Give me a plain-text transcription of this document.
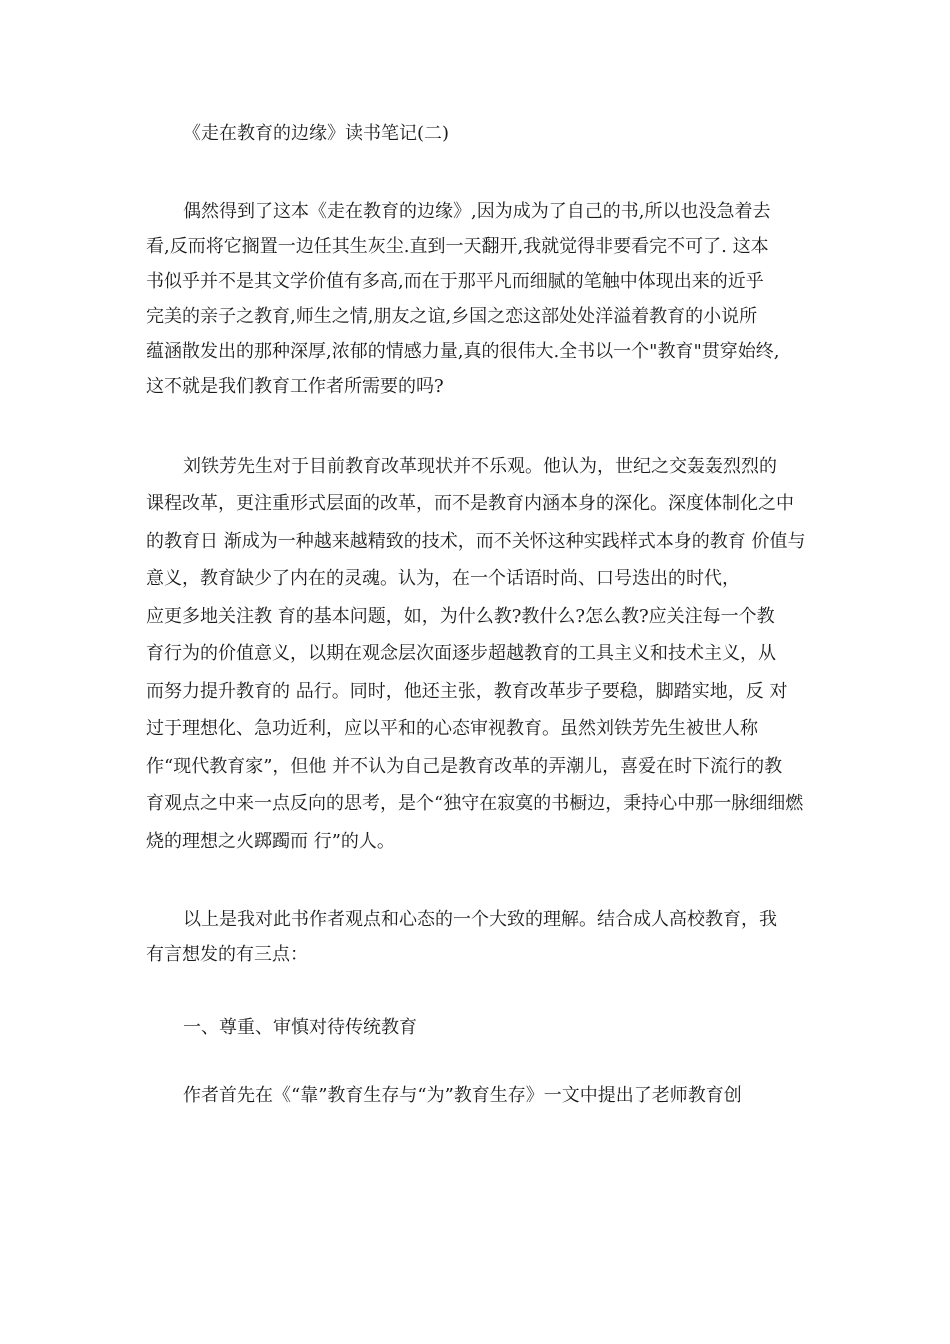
《走在教育的边缘》读书笔记(二)
偶然得到了这本《走在教育的边缘》,因为成为了自己的书,所以也没急着去
看,反而将它搁置一边任其生灰尘.直到一天翻开,我就觉得非要看完不可了. 这本
书似乎并不是其文学价值有多高,而在于那平凡而细腻的笔触中体现出来的近乎
完美的亲子之教育,师生之情,朋友之谊,乡国之恋这部处处洋溢着教育的小说所
蕴涵散发出的那种深厚,浓郁的情感力量,真的很伟大.全书以一个"教育"贯穿始终,
这不就是我们教育工作者所需要的吗?
刘铁芳先生对于目前教育改革现状并不乐观。他认为，世纪之交轰轰烈烈的
课程改革，更注重形式层面的改革，而不是教育内涵本身的深化。深度体制化之中
的教育日 渐成为一种越来越精致的技术，而不关怀这种实践样式本身的教育 价值与
意义，教育缺少了内在的灵魂。认为，在一个话语时尚、口号迭出的时代，
应更多地关注教 育的基本问题，如，为什么教?教什么?怎么教?应关注每一个教
育行为的价值意义，以期在观念层次面逐步超越教育的工具主义和技术主义，从
而努力提升教育的 品行。同时，他还主张，教育改革步子要稳，脚踏实地，反 对
过于理想化、急功近利，应以平和的心态审视教育。虽然刘铁芳先生被世人称
作“现代教育家”，但他 并不认为自己是教育改革的弄潮儿，喜爱在时下流行的教
育观点之中来一点反向的思考，是个“独守在寂寞的书橱边，秉持心中那一脉细细燃
烧的理想之火踯躅而 行”的人。
以上是我对此书作者观点和心态的一个大致的理解。结合成人高校教育，我
有言想发的有三点：
一、尊重、审慎对待传统教育
作者首先在《“靠”教育生存与“为”教育生存》一文中提出了老师教育创
